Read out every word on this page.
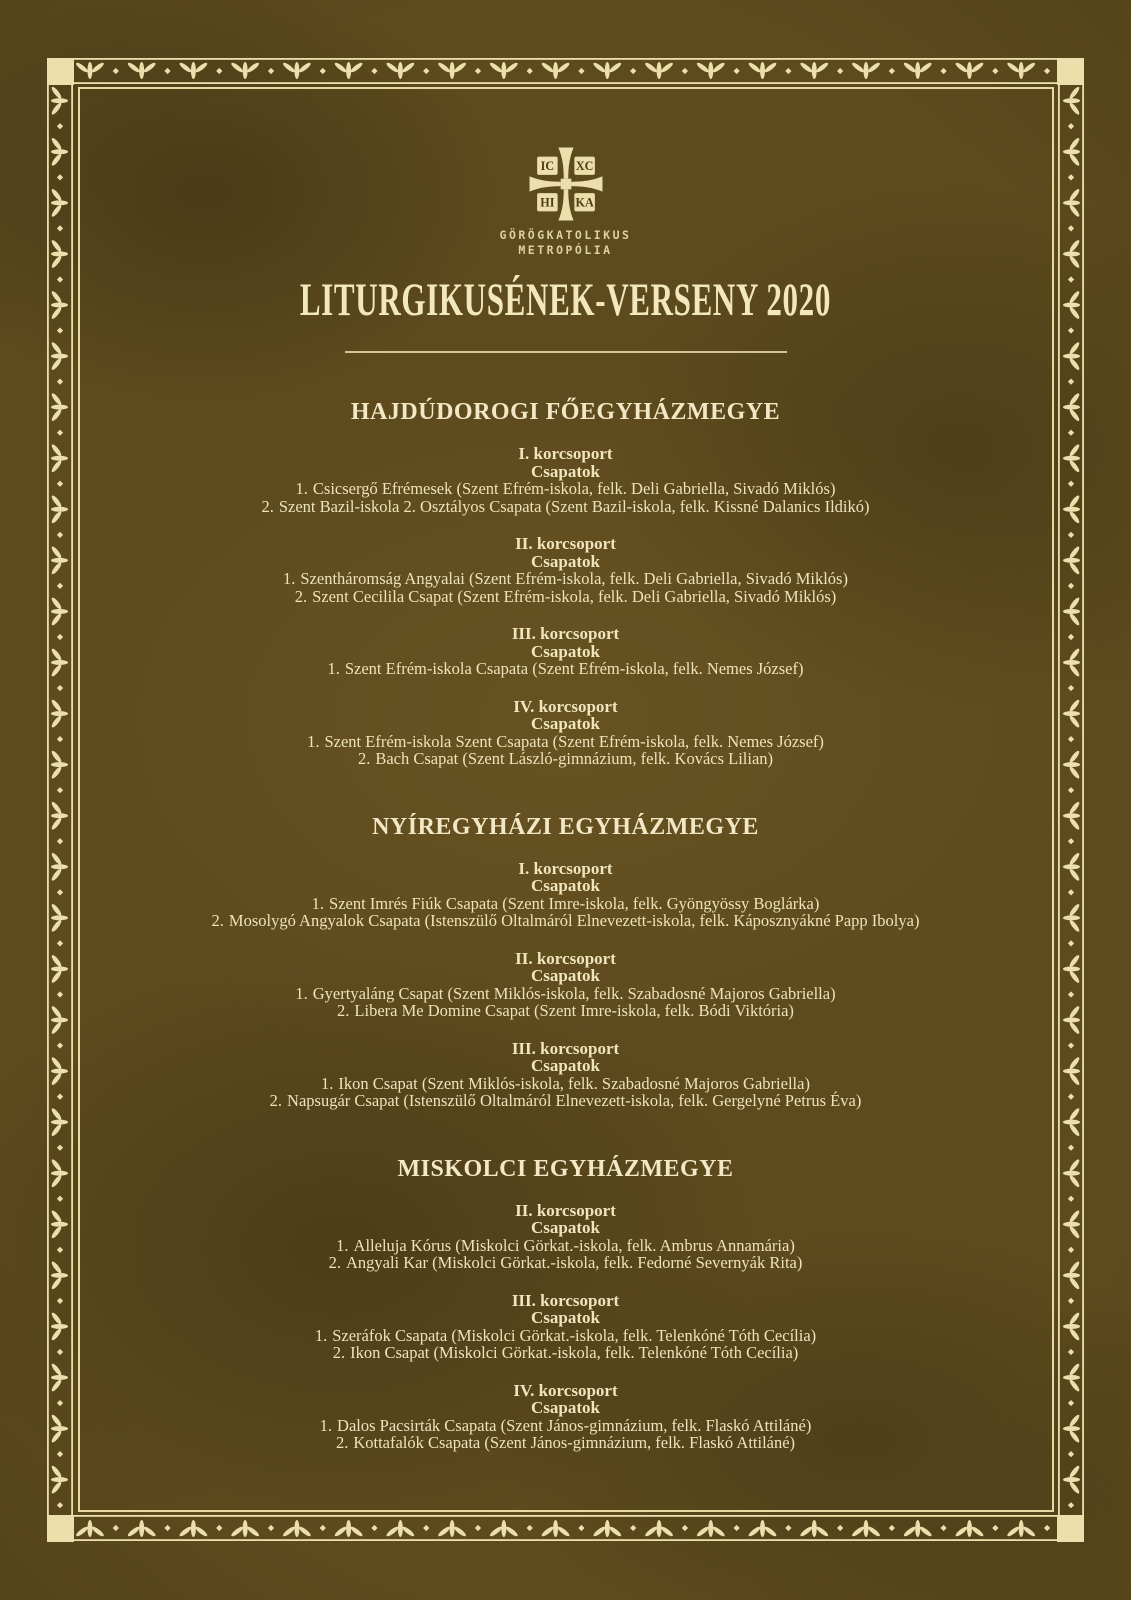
IC XC
HI KA
GÖRÖGKATOLIKUS
METROPÓLIA
LITURGIKUSÉNEK-VERSENY 2020
HAJDÚDOROGI FŐEGYHÁZMEGYE
I. korcsoport
Csapatok
1. Csicsergő Efrémesek (Szent Efrém-iskola, felk. Deli Gabriella, Sivadó Miklós)
2. Szent Bazil-iskola 2. Osztályos Csapata (Szent Bazil-iskola, felk. Kissné Dalanics Ildikó)
II. korcsoport
Csapatok
1. Szentháromság Angyalai (Szent Efrém-iskola, felk. Deli Gabriella, Sivadó Miklós)
2. Szent Cecilila Csapat (Szent Efrém-iskola, felk. Deli Gabriella, Sivadó Miklós)
III. korcsoport
Csapatok
1. Szent Efrém-iskola Csapata (Szent Efrém-iskola, felk. Nemes József)
IV. korcsoport
Csapatok
1. Szent Efrém-iskola Szent Csapata (Szent Efrém-iskola, felk. Nemes József)
2. Bach Csapat (Szent László-gimnázium, felk. Kovács Lilian)
NYÍREGYHÁZI EGYHÁZMEGYE
I. korcsoport
Csapatok
1. Szent Imrés Fiúk Csapata (Szent Imre-iskola, felk. Gyöngyössy Boglárka)
2. Mosolygó Angyalok Csapata (Istenszülő Oltalmáról Elnevezett-iskola, felk. Káposznyákné Papp Ibolya)
II. korcsoport
Csapatok
1. Gyertyaláng Csapat (Szent Miklós-iskola, felk. Szabadosné Majoros Gabriella)
2. Libera Me Domine Csapat (Szent Imre-iskola, felk. Bódi Viktória)
III. korcsoport
Csapatok
1. Ikon Csapat (Szent Miklós-iskola, felk. Szabadosné Majoros Gabriella)
2. Napsugár Csapat (Istenszülő Oltalmáról Elnevezett-iskola, felk. Gergelyné Petrus Éva)
MISKOLCI EGYHÁZMEGYE
II. korcsoport
Csapatok
1. Alleluja Kórus (Miskolci Görkat.-iskola, felk. Ambrus Annamária)
2. Angyali Kar (Miskolci Görkat.-iskola, felk. Fedorné Severnyák Rita)
III. korcsoport
Csapatok
1. Szeráfok Csapata (Miskolci Görkat.-iskola, felk. Telenkóné Tóth Cecília)
2. Ikon Csapat (Miskolci Görkat.-iskola, felk. Telenkóné Tóth Cecília)
IV. korcsoport
Csapatok
1. Dalos Pacsirták Csapata (Szent János-gimnázium, felk. Flaskó Attiláné)
2. Kottafalók Csapata (Szent János-gimnázium, felk. Flaskó Attiláné)
